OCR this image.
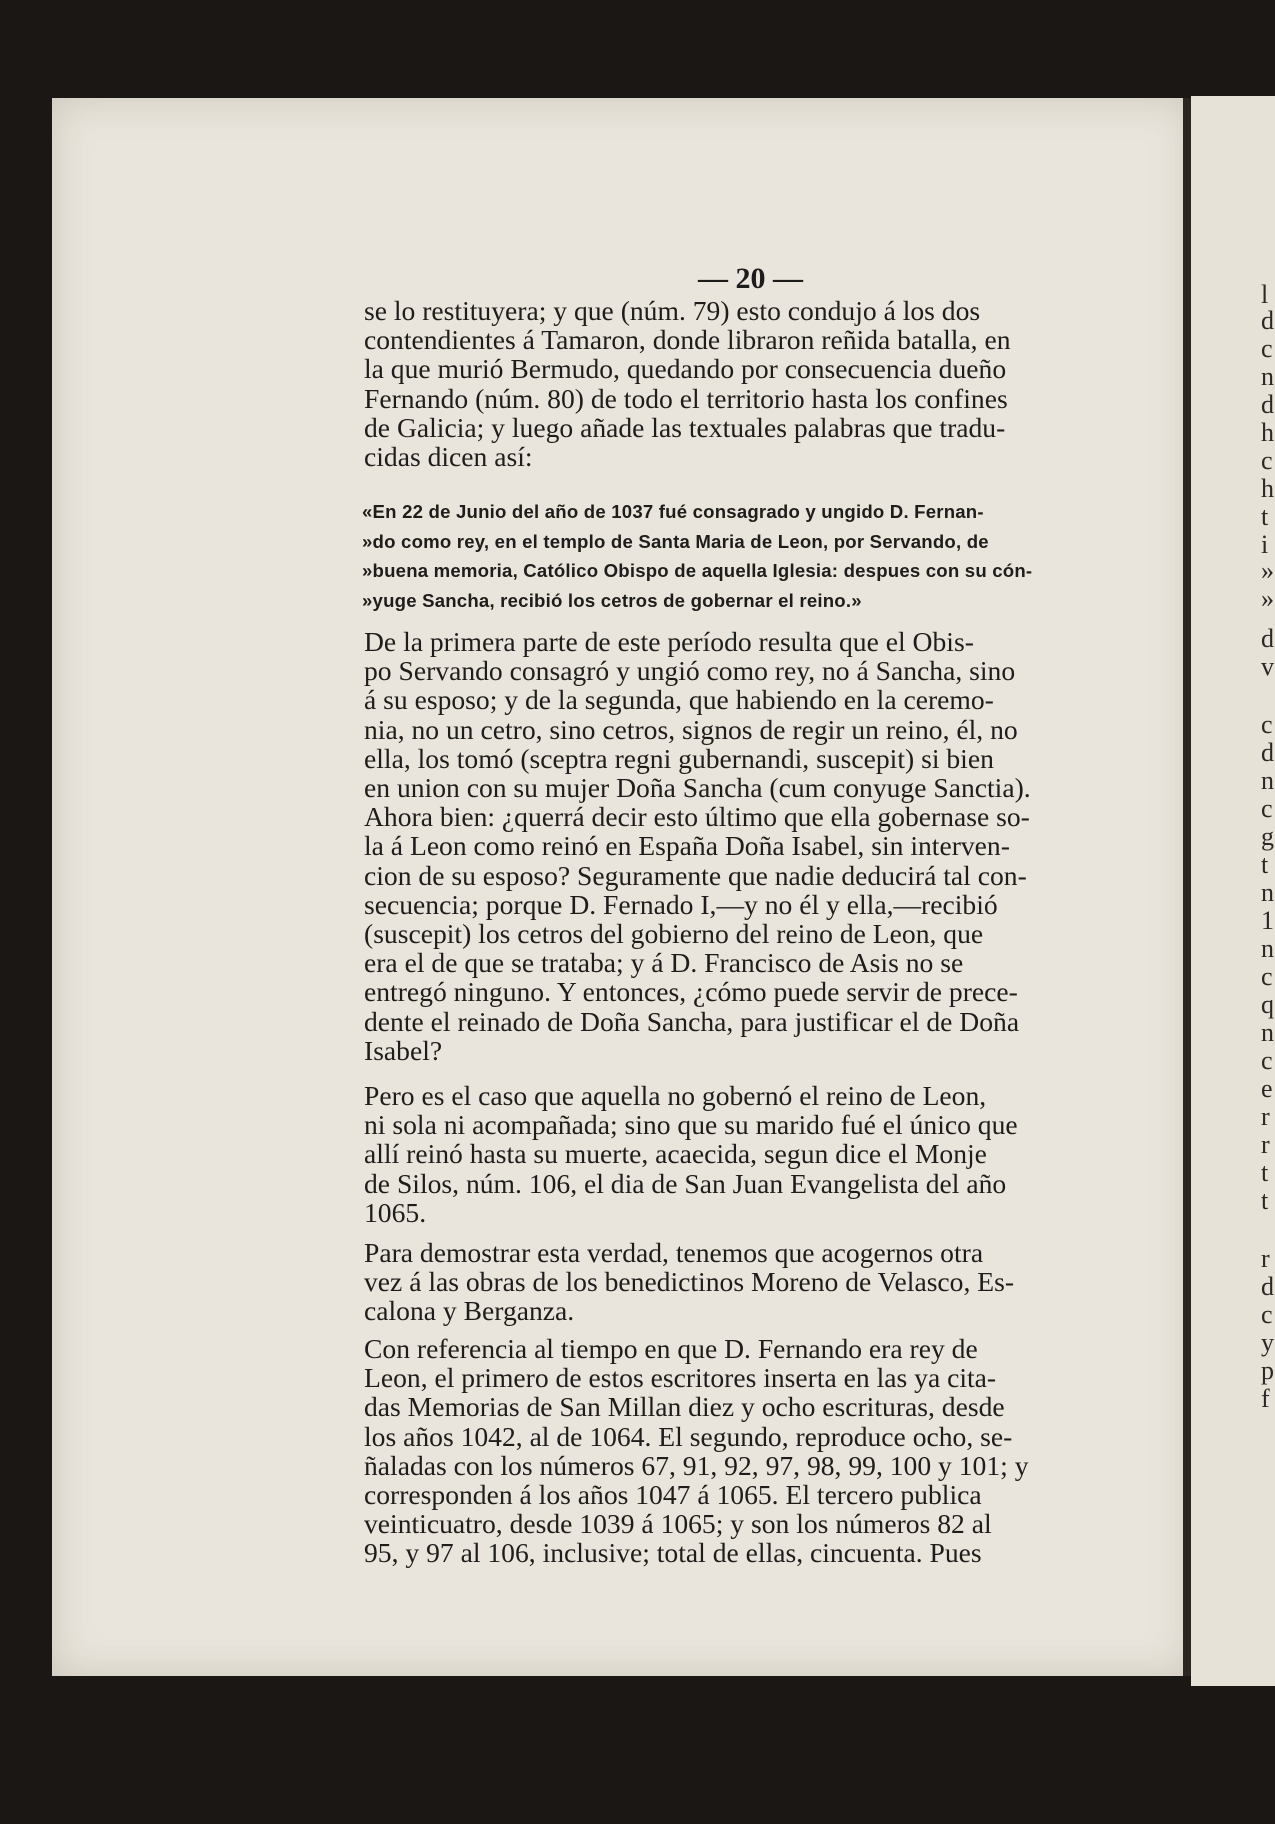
l

d

c

n

d

h

c

h

t

i

»

»

d

v

c

d

n

c

g

t

n

1

n

c

q

n

c

e

r

r

t

t

r

d

c

y

p

f

— 20 —

se lo restituyera; y que (núm. 79) esto condujo á los dos
contendientes á Tamaron, donde libraron reñida batalla, en
la que murió Bermudo, quedando por consecuencia dueño
Fernando (núm. 80) de todo el territorio hasta los confines
de Galicia; y luego añade las textuales palabras que tradu-
cidas dicen así:

«En 22 de Junio del año de 1037 fué consagrado y ungido D. Fernan-
»do como rey, en el templo de Santa Maria de Leon, por Servando, de
»buena memoria, Católico Obispo de aquella Iglesia: despues con su cón-
»yuge Sancha, recibió los cetros de gobernar el reino.»

De la primera parte de este período resulta que el Obis-
po Servando consagró y ungió como rey, no á Sancha, sino
á su esposo; y de la segunda, que habiendo en la ceremo-
nia, no un cetro, sino cetros, signos de regir un reino, él, no
ella, los tomó (sceptra regni gubernandi, suscepit) si bien
en union con su mujer Doña Sancha (cum conyuge Sanctia).
Ahora bien: ¿querrá decir esto último que ella gobernase so-
la á Leon como reinó en España Doña Isabel, sin interven-
cion de su esposo? Seguramente que nadie deducirá tal con-
secuencia; porque D. Fernado I,—y no él y ella,—recibió
(suscepit) los cetros del gobierno del reino de Leon, que
era el de que se trataba; y á D. Francisco de Asis no se
entregó ninguno. Y entonces, ¿cómo puede servir de prece-
dente el reinado de Doña Sancha, para justificar el de Doña
Isabel?

Pero es el caso que aquella no gobernó el reino de Leon,
ni sola ni acompañada; sino que su marido fué el único que
allí reinó hasta su muerte, acaecida, segun dice el Monje
de Silos, núm. 106, el dia de San Juan Evangelista del año
1065.

Para demostrar esta verdad, tenemos que acogernos otra
vez á las obras de los benedictinos Moreno de Velasco, Es-
calona y Berganza.

Con referencia al tiempo en que D. Fernando era rey de
Leon, el primero de estos escritores inserta en las ya cita-
das Memorias de San Millan diez y ocho escrituras, desde
los años 1042, al de 1064. El segundo, reproduce ocho, se-
ñaladas con los números 67, 91, 92, 97, 98, 99, 100 y 101; y
corresponden á los años 1047 á 1065. El tercero publica
veinticuatro, desde 1039 á 1065; y son los números 82 al
95, y 97 al 106, inclusive; total de ellas, cincuenta. Pues
